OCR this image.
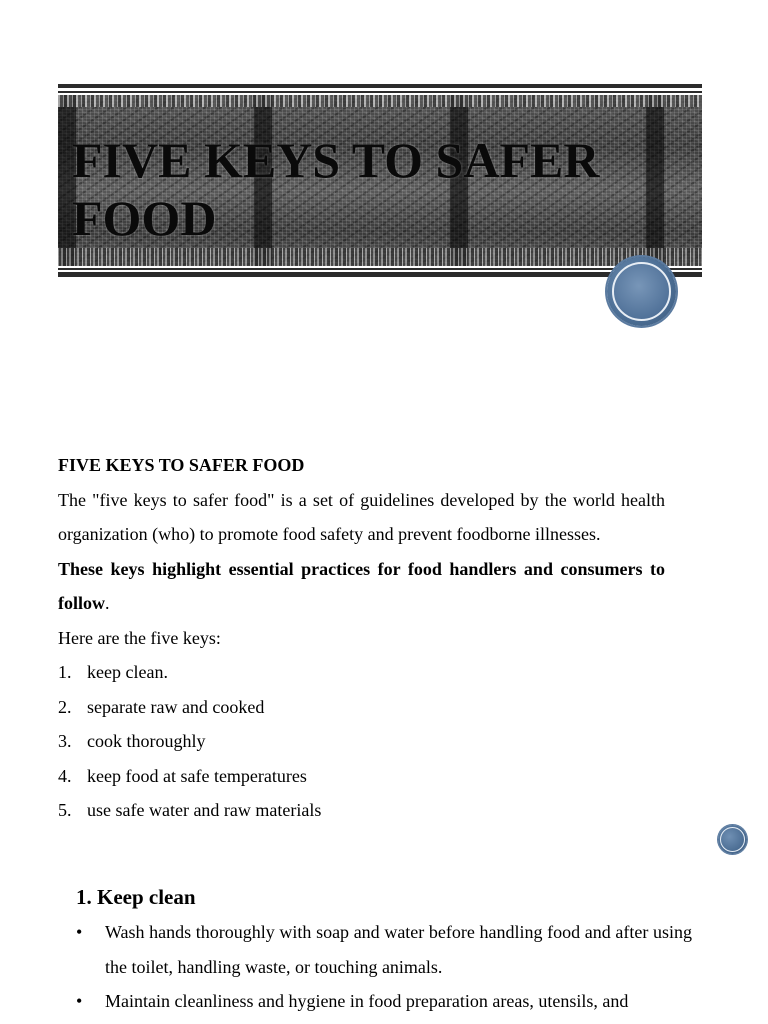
FIVE KEYS TO SAFER FOOD

FIVE KEYS TO SAFER FOOD

The "five keys to safer food" is a set of guidelines developed by the world health organization (who) to promote food safety and prevent foodborne illnesses.

These keys highlight essential practices for food handlers and consumers to follow.

Here are the five keys:

1. keep clean.
2. separate raw and cooked
3. cook thoroughly
4. keep food at safe temperatures
5. use safe water and raw materials
1. Keep clean
•	Wash hands thoroughly with soap and water before handling food and after using the toilet, handling waste, or touching animals.
•	Maintain cleanliness and hygiene in food preparation areas, utensils, and
